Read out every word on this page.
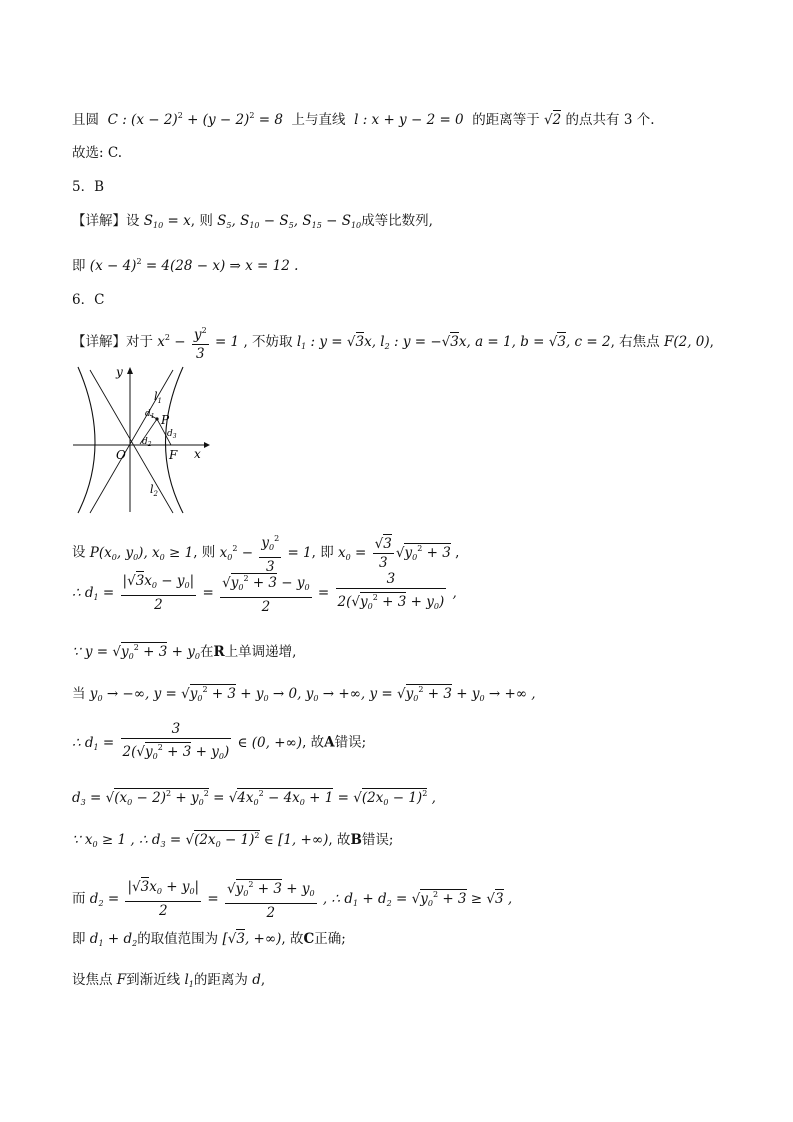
且圆  C : $(x - 2)^2 + (y - 2)^2 = 8$  上与直线  l : x + y − 2 = 0  的距离等于 √2 的点共有 3 个.
故选: C.
5．B
【详解】设 $S_{10} = x$, 则 $S_5$, $S_{10} - S_5$, $S_{15} - S_{10}$成等比数列,
即 $(x - 4)^2 = 4(28 - x)$ ⇒ x = 12 .
6．C
【详解】对于 $x^2 - \frac{y^2}{3} = 1$ , 不妨取 $l_1$ : y = √3x, $l_2$ : y = −√3x, a = 1, b = √3, c = 2, 右焦点 F(2, 0),
y
x
O	F
P
$l_1$
$l_2$
$d_1$
$d_2$
$d_3$
设 $P(x_0$, $y_0$), $x_0 \ge 1$, 则 $x_0^2 - \frac{y_0^2}{3} = 1$, 即 $x_0 = \frac{√3}{3} √y_0^2 + 3$ ,
∴ $d_1 = \frac{|√3x_0 - y_0|}{2} = \frac{√y_0^2 + 3 - y_0}{2} = \frac{3}{2(√y_0^2 + 3 + y_0)}$ ,
∵ $y = √y_0^2 + 3 + y_0$在R上单调递增,
当 $y_0$ → −∞, $y = √y_0^2 + 3 + y_0 \to 0$, $y_0$ → +∞, $y = √y_0^2 + 3 + y_0$ → +∞ ,
∴ $d_1 = \frac{3}{2(√y_0^2 + 3 + y_0)}$ ∈ (0, +∞), 故A错误;
$d_3 = √(x_0 - 2)^2 + y_0^2 = √4x_0^2 - 4x_0 + 1 = √(2x_0 - 1)^2$ ,
∵ $x_0 \ge 1$ , ∴ $d_3 = √(2x_0 - 1)^2$ ∈ [1, +∞), 故B错误;
而 $d_2 = \frac{|√3x_0 + y_0|}{2} = \frac{√y_0^2 + 3 + y_0}{2}$ , ∴ $d_1 + d_2 = √y_0^2 + 3 \ge √3$ ,
即 $d_1 + d_2$的取值范围为 [√3, +∞), 故C正确;
设焦点 F到渐近线 $l_1$的距离为 d,
